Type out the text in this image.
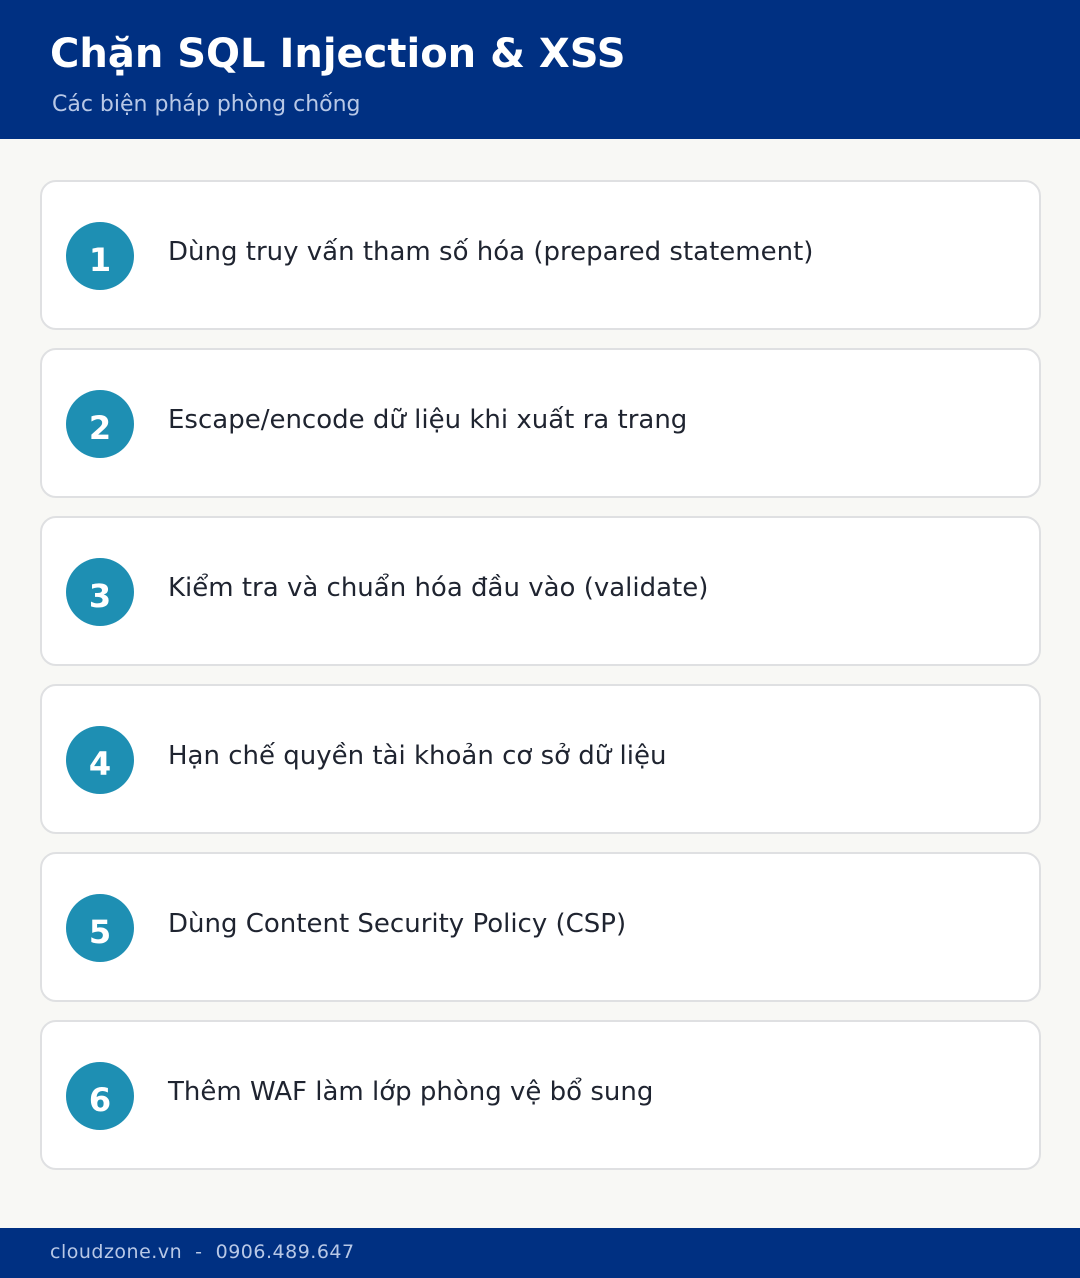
Chặn SQL Injection & XSS
Các biện pháp phòng chống
1	Dùng truy vấn tham số hóa (prepared statement)
2	Escape/encode dữ liệu khi xuất ra trang
3	Kiểm tra và chuẩn hóa đầu vào (validate)
4	Hạn chế quyền tài khoản cơ sở dữ liệu
5	Dùng Content Security Policy (CSP)
6	Thêm WAF làm lớp phòng vệ bổ sung
cloudzone.vn  -  0906.489.647
